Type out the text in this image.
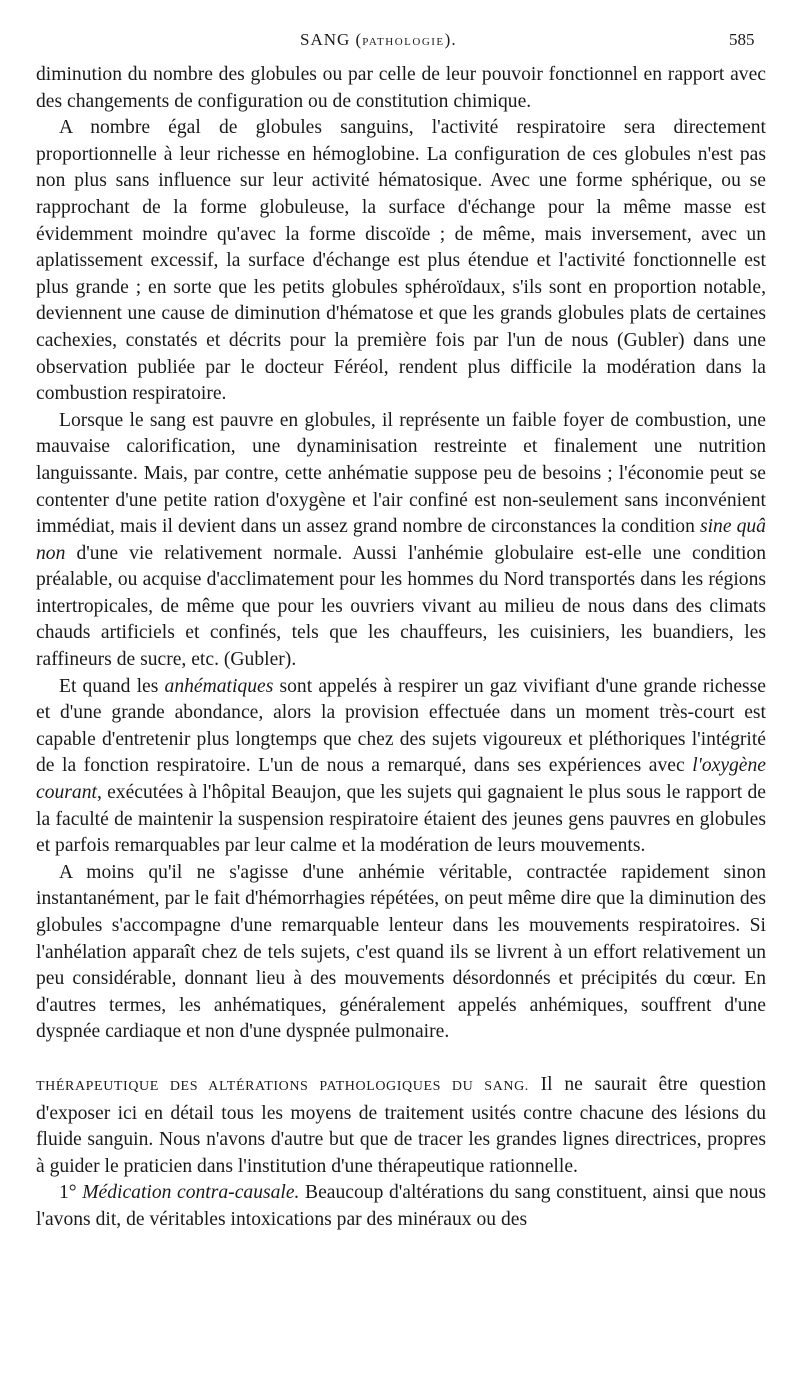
SANG (PATHOLOGIE).	585

diminution du nombre des globules ou par celle de leur pouvoir fonctionnel en rapport avec des changements de configuration ou de constitution chimique.

A nombre égal de globules sanguins, l'activité respiratoire sera directement proportionnelle à leur richesse en hémoglobine. La configuration de ces globules n'est pas non plus sans influence sur leur activité hématosique. Avec une forme sphérique, ou se rapprochant de la forme globuleuse, la surface d'échange pour la même masse est évidemment moindre qu'avec la forme discoïde ; de même, mais inversement, avec un aplatissement excessif, la surface d'échange est plus étendue et l'activité fonctionnelle est plus grande ; en sorte que les petits globules sphéroïdaux, s'ils sont en proportion notable, deviennent une cause de diminution d'hématose et que les grands globules plats de certaines cachexies, constatés et décrits pour la première fois par l'un de nous (Gubler) dans une observation publiée par le docteur Féréol, rendent plus difficile la modération dans la combustion respiratoire.

Lorsque le sang est pauvre en globules, il représente un faible foyer de combustion, une mauvaise calorification, une dynaminisation restreinte et finalement une nutrition languissante. Mais, par contre, cette anhématie suppose peu de besoins ; l'économie peut se contenter d'une petite ration d'oxygène et l'air confiné est non-seulement sans inconvénient immédiat, mais il devient dans un assez grand nombre de circonstances la condition sine quâ non d'une vie relativement normale. Aussi l'anhémie globulaire est-elle une condition préalable, ou acquise d'acclimatement pour les hommes du Nord transportés dans les régions intertropicales, de même que pour les ouvriers vivant au milieu de nous dans des climats chauds artificiels et confinés, tels que les chauffeurs, les cuisiniers, les buandiers, les raffineurs de sucre, etc. (Gubler).

Et quand les anhématiques sont appelés à respirer un gaz vivifiant d'une grande richesse et d'une grande abondance, alors la provision effectuée dans un moment très-court est capable d'entretenir plus longtemps que chez des sujets vigoureux et pléthoriques l'intégrité de la fonction respiratoire. L'un de nous a remarqué, dans ses expériences avec l'oxygène courant, exécutées à l'hôpital Beaujon, que les sujets qui gagnaient le plus sous le rapport de la faculté de maintenir la suspension respiratoire étaient des jeunes gens pauvres en globules et parfois remarquables par leur calme et la modération de leurs mouvements.

A moins qu'il ne s'agisse d'une anhémie véritable, contractée rapidement sinon instantanément, par le fait d'hémorrhagies répétées, on peut même dire que la diminution des globules s'accompagne d'une remarquable lenteur dans les mouvements respiratoires. Si l'anhélation apparaît chez de tels sujets, c'est quand ils se livrent à un effort relativement un peu considérable, donnant lieu à des mouvements désordonnés et précipités du cœur. En d'autres termes, les anhématiques, généralement appelés anhémiques, souffrent d'une dyspnée cardiaque et non d'une dyspnée pulmonaire.

THÉRAPEUTIQUE DES ALTÉRATIONS PATHOLOGIQUES DU SANG. Il ne saurait être question d'exposer ici en détail tous les moyens de traitement usités contre chacune des lésions du fluide sanguin. Nous n'avons d'autre but que de tracer les grandes lignes directrices, propres à guider le praticien dans l'institution d'une thérapeutique rationnelle.

1° Médication contra-causale. Beaucoup d'altérations du sang constituent, ainsi que nous l'avons dit, de véritables intoxications par des minéraux ou des
